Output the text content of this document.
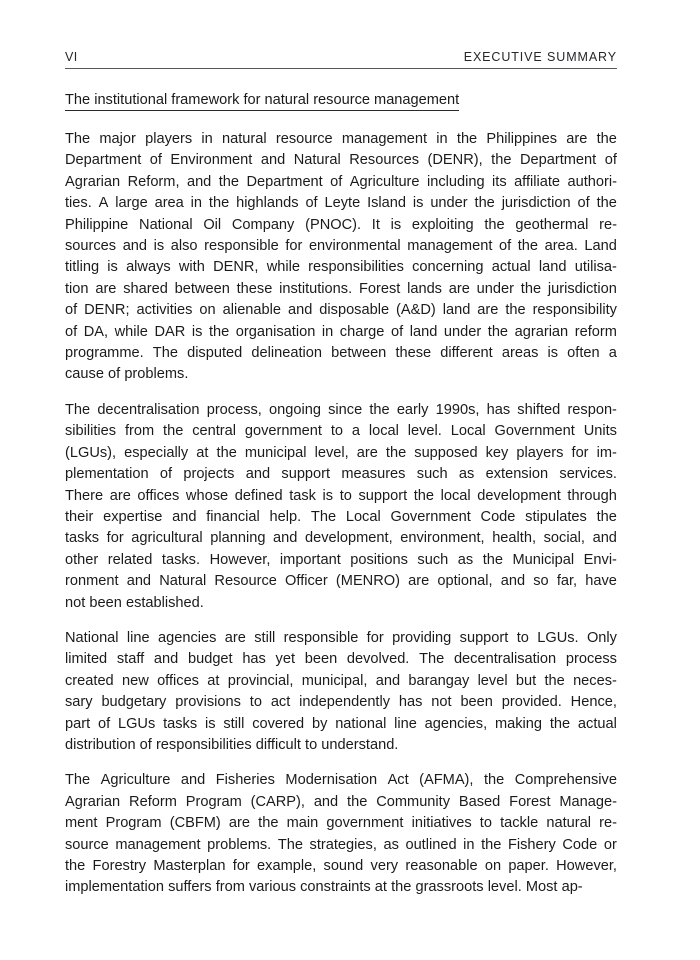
VI	EXECUTIVE SUMMARY
The institutional framework for natural resource management

The major players in natural resource management in the Philippines are the
Department of Environment and Natural Resources (DENR), the Department of
Agrarian Reform, and the Department of Agriculture including its affiliate authori-
ties. A large area in the highlands of Leyte Island is under the jurisdiction of the
Philippine National Oil Company (PNOC). It is exploiting the geothermal re-
sources and is also responsible for environmental management of the area. Land
titling is always with DENR, while responsibilities concerning actual land utilisa-
tion are shared between these institutions. Forest lands are under the jurisdiction
of DENR; activities on alienable and disposable (A&D) land are the responsibility
of DA, while DAR is the organisation in charge of land under the agrarian reform
programme. The disputed delineation between these different areas is often a
cause of problems.

The decentralisation process, ongoing since the early 1990s, has shifted respon-
sibilities from the central government to a local level. Local Government Units
(LGUs), especially at the municipal level, are the supposed key players for im-
plementation of projects and support measures such as extension services.
There are offices whose defined task is to support the local development through
their expertise and financial help. The Local Government Code stipulates the
tasks for agricultural planning and development, environment, health, social, and
other related tasks. However, important positions such as the Municipal Envi-
ronment and Natural Resource Officer (MENRO) are optional, and so far, have
not been established.

National line agencies are still responsible for providing support to LGUs. Only
limited staff and budget has yet been devolved. The decentralisation process
created new offices at provincial, municipal, and barangay level but the neces-
sary budgetary provisions to act independently has not been provided. Hence,
part of LGUs tasks is still covered by national line agencies, making the actual
distribution of responsibilities difficult to understand.

The Agriculture and Fisheries Modernisation Act (AFMA), the Comprehensive
Agrarian Reform Program (CARP), and the Community Based Forest Manage-
ment Program (CBFM) are the main government initiatives to tackle natural re-
source management problems. The strategies, as outlined in the Fishery Code or
the Forestry Masterplan for example, sound very reasonable on paper. However,
implementation suffers from various constraints at the grassroots level. Most ap-
